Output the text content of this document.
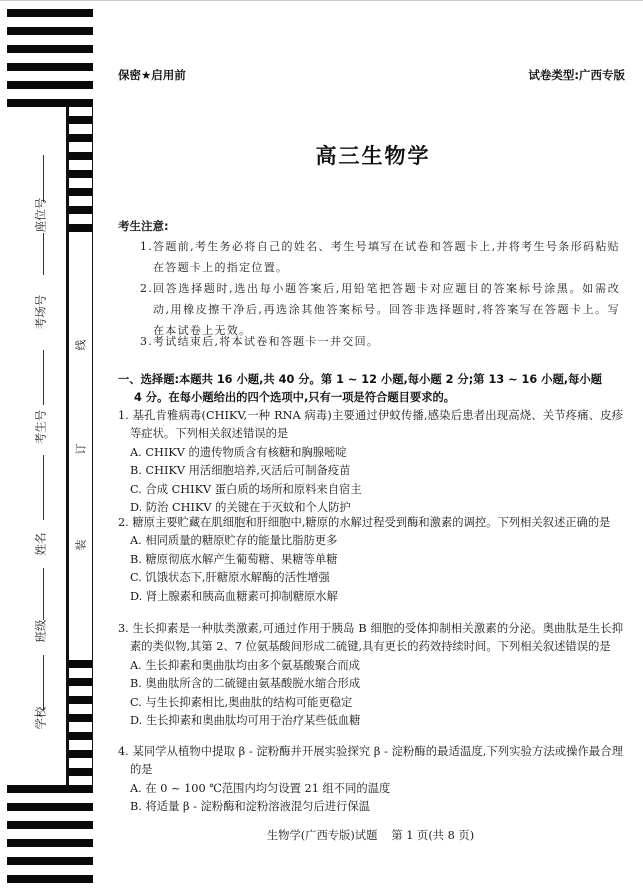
座位号
考场号
考生号
姓名
班级
学校
线
订
装
保密★启用前	试卷类型:广西专版
高三生物学
考生注意:
1. 答题前,考生务必将自己的姓名、考生号填写在试卷和答题卡上,并将考生号条形码粘贴在答题卡上的指定位置。
2. 回答选择题时,选出每小题答案后,用铅笔把答题卡对应题目的答案标号涂黑。如需改动,用橡皮擦干净后,再选涂其他答案标号。回答非选择题时,将答案写在答题卡上。写在本试卷上无效。
3. 考试结束后,将本试卷和答题卡一并交回。
一、选择题:本题共 16 小题,共 40 分。第 1 ~ 12 小题,每小题 2 分;第 13 ~ 16 小题,每小题
4 分。在每小题给出的四个选项中,只有一项是符合题目要求的。
1. 基孔肯雅病毒(CHIKV,一种 RNA 病毒)主要通过伊蚊传播,感染后患者出现高烧、关节疼痛、皮疹等症状。下列相关叙述错误的是
A. CHIKV 的遗传物质含有核糖和胸腺嘧啶
B. CHIKV 用活细胞培养,灭活后可制备疫苗
C. 合成 CHIKV 蛋白质的场所和原料来自宿主
D. 防治 CHIKV 的关键在于灭蚊和个人防护
2. 糖原主要贮藏在肌细胞和肝细胞中,糖原的水解过程受到酶和激素的调控。下列相关叙述正确的是
A. 相同质量的糖原贮存的能量比脂肪更多
B. 糖原彻底水解产生葡萄糖、果糖等单糖
C. 饥饿状态下,肝糖原水解酶的活性增强
D. 肾上腺素和胰高血糖素可抑制糖原水解
3. 生长抑素是一种肽类激素,可通过作用于胰岛 B 细胞的受体抑制相关激素的分泌。奥曲肽是生长抑素的类似物,其第 2、7 位氨基酸间形成二硫键,具有更长的药效持续时间。下列相关叙述错误的是
A. 生长抑素和奥曲肽均由多个氨基酸聚合而成
B. 奥曲肽所含的二硫键由氨基酸脱水缩合形成
C. 与生长抑素相比,奥曲肽的结构可能更稳定
D. 生长抑素和奥曲肽均可用于治疗某些低血糖
4. 某同学从植物中提取 β - 淀粉酶并开展实验探究 β - 淀粉酶的最适温度,下列实验方法或操作最合理的是
A. 在 0 ~ 100 ℃范围内均匀设置 21 组不同的温度
B. 将适量 β - 淀粉酶和淀粉溶液混匀后进行保温
生物学(广西专版)试题 第 1 页(共 8 页)
